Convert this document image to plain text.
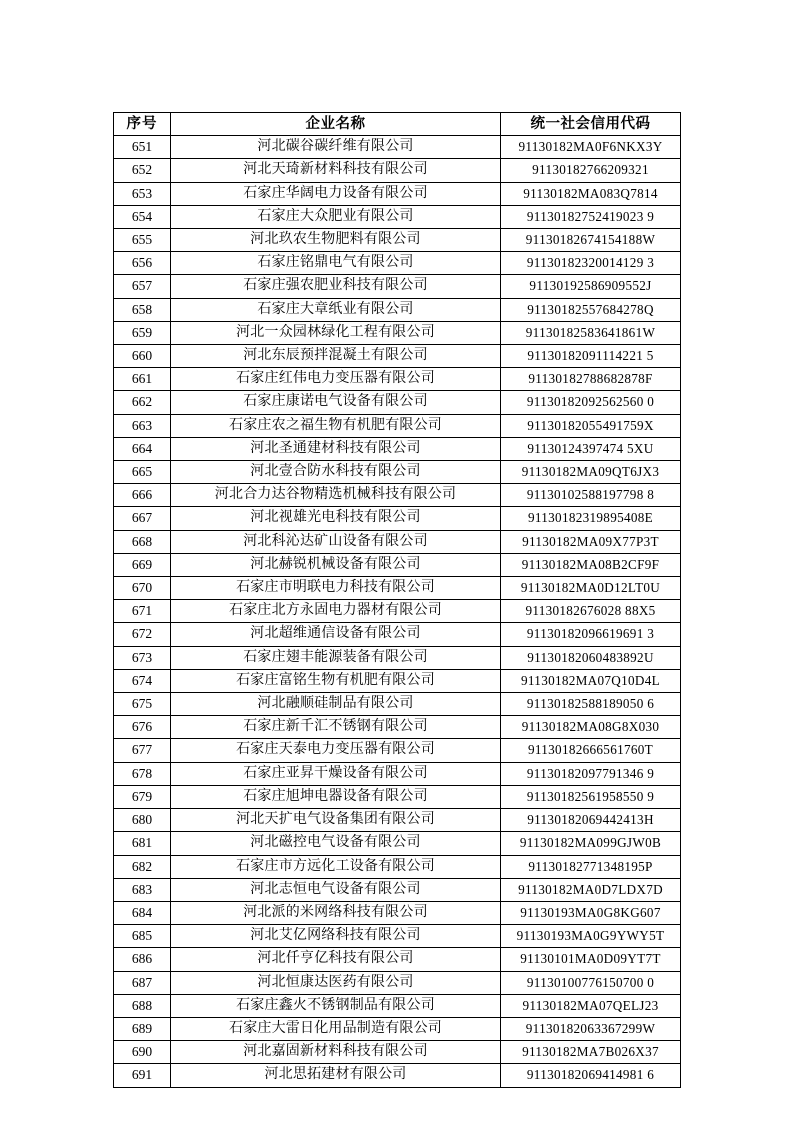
序号	企业名称	统一社会信用代码
651	河北碳谷碳纤维有限公司	91130182MA0F6NKX3Y
652	河北天琦新材料科技有限公司	91130182766209321
653	石家庄华阔电力设备有限公司	91130182MA083Q7814
654	石家庄大众肥业有限公司	91130182752419023 9
655	河北玖农生物肥料有限公司	91130182674154188W
656	石家庄铭鼎电气有限公司	91130182320014129 3
657	石家庄强农肥业科技有限公司	91130192586909552J
658	石家庄大章纸业有限公司	91130182557684278Q
659	河北一众园林绿化工程有限公司	91130182583641861W
660	河北东辰预拌混凝土有限公司	91130182091114221 5
661	石家庄红伟电力变压器有限公司	91130182788682878F
662	石家庄康诺电气设备有限公司	91130182092562560 0
663	石家庄农之福生物有机肥有限公司	91130182055491759X
664	河北圣通建材科技有限公司	91130124397474 5XU
665	河北壹合防水科技有限公司	91130182MA09QT6JX3
666	河北合力达谷物精选机械科技有限公司	91130102588197798 8
667	河北视雄光电科技有限公司	91130182319895408E
668	河北科沁达矿山设备有限公司	91130182MA09X77P3T
669	河北赫锐机械设备有限公司	91130182MA08B2CF9F
670	石家庄市明联电力科技有限公司	91130182MA0D12LT0U
671	石家庄北方永固电力器材有限公司	91130182676028 88X5
672	河北超维通信设备有限公司	91130182096619691 3
673	石家庄翅丰能源装备有限公司	91130182060483892U
674	石家庄富铭生物有机肥有限公司	91130182MA07Q10D4L
675	河北融顺硅制品有限公司	91130182588189050 6
676	石家庄新千汇不锈钢有限公司	91130182MA08G8X030
677	石家庄天泰电力变压器有限公司	91130182666561760T
678	石家庄亚昇干燥设备有限公司	91130182097791346 9
679	石家庄旭坤电器设备有限公司	91130182561958550 9
680	河北天扩电气设备集团有限公司	91130182069442413H
681	河北磁控电气设备有限公司	91130182MA099GJW0B
682	石家庄市方远化工设备有限公司	91130182771348195P
683	河北志恒电气设备有限公司	91130182MA0D7LDX7D
684	河北派的米网络科技有限公司	91130193MA0G8KG607
685	河北艾亿网络科技有限公司	91130193MA0G9YWY5T
686	河北仟亨亿科技有限公司	91130101MA0D09YT7T
687	河北恒康达医药有限公司	91130100776150700 0
688	石家庄鑫火不锈钢制品有限公司	91130182MA07QELJ23
689	石家庄大雷日化用品制造有限公司	91130182063367299W
690	河北嘉固新材料科技有限公司	91130182MA7B026X37
691	河北思拓建材有限公司	91130182069414981 6
